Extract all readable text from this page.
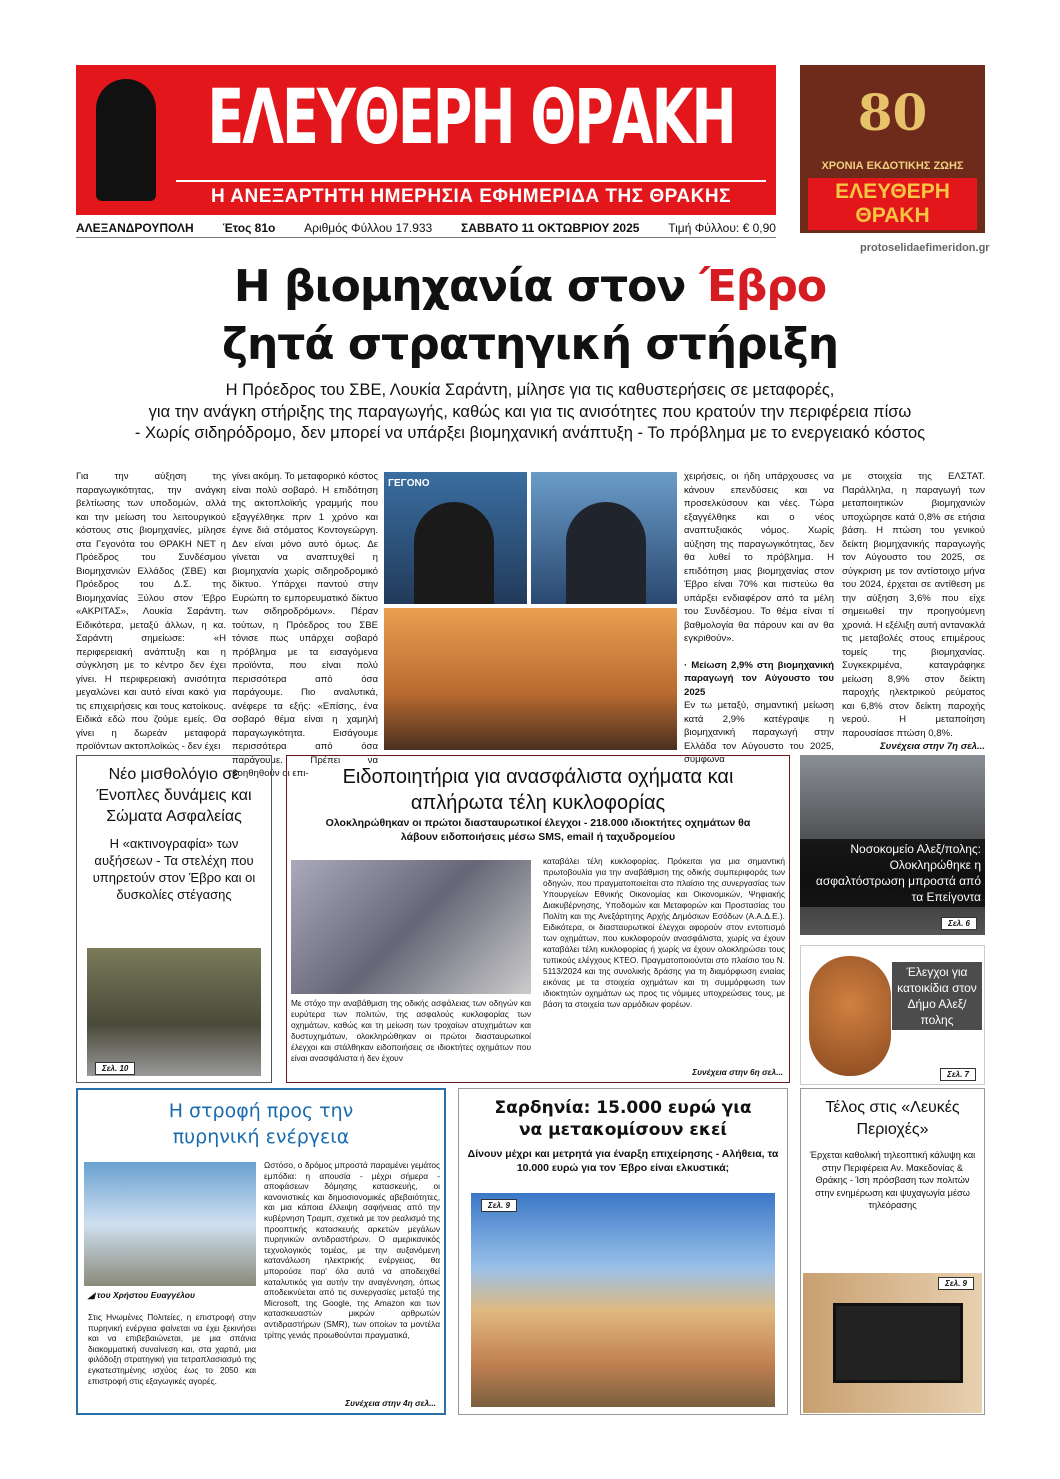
ΕΛΕΥΘΕΡΗ ΘΡΑΚΗ
Η ΑΝΕΞΑΡΤΗΤΗ ΗΜΕΡΗΣΙΑ ΕΦΗΜΕΡΙΔΑ ΤΗΣ ΘΡΑΚΗΣ
80
ΧΡΟΝΙΑ ΕΚΔΟΤΙΚΗΣ ΖΩΗΣ
ΕΛΕΥΘΕΡΗ ΘΡΑΚΗ
protoselidaefimeridon.gr
ΑΛΕΞΑΝΔΡΟΥΠΟΛΗ Έτος 81ο Αριθμός Φύλλου 17.933 ΣΑΒΒΑΤΟ 11 ΟΚΤΩΒΡΙΟΥ 2025 Τιμή Φύλλου: € 0,90
Η βιομηχανία στον Έβρο
ζητά στρατηγική στήριξη
Η Πρόεδρος του ΣΒΕ, Λουκία Σαράντη, μίλησε για τις καθυστερήσεις σε μεταφορές,
για την ανάγκη στήριξης της παραγωγής, καθώς και για τις ανισότητες που κρατούν την περιφέρεια πίσω
- Χωρίς σιδηρόδρομο, δεν μπορεί να υπάρξει βιομηχανική ανάπτυξη - Το πρόβλημα με το ενεργειακό κόστος
Για την αύξηση της παραγωγικότητας, την ανάγκη βελτίωσης των υποδομών, αλλά και την μείωση του λειτουργικού κόστους στις βιομηχανίες, μίλησε στα Γεγονότα του ΘΡΑΚΗ ΝΕΤ η Πρόεδρος του Συνδέσμου Βιομηχανιών Ελλάδος (ΣΒΕ) και Πρόεδρος του Δ.Σ. της Βιομηχανίας Ξύλου στον Έβρο «ΑΚΡΙΤΑΣ», Λουκία Σαράντη. Ειδικότερα, μεταξύ άλλων, η κα. Σαράντη σημείωσε: «Η περιφερειακή ανάπτυξη και η σύγκληση με το κέντρο δεν έχει γίνει. Η περιφερειακή ανισότητα μεγαλώνει και αυτό είναι κακό για τις επιχειρήσεις και τους κατοίκους. Ειδικά εδώ που ζούμε εμείς. Θα γίνει η δωρεάν μεταφορά προϊόντων ακτοπλοϊκώς - δεν έχει
γίνει ακόμη. Το μεταφορικό κόστος είναι πολύ σοβαρό. Η επιδότηση της ακτοπλοϊκής γραμμής που εξαγγέλθηκε πριν 1 χρόνο και έγινε διά στόματος Κοντογεώργη. Δεν είναι μόνο αυτό όμως. Δε γίνεται να αναπτυχθεί η βιομηχανία χωρίς σιδηροδρομικό δίκτυο. Υπάρχει παντού στην Ευρώπη το εμπορευματικό δίκτυο των σιδηροδρόμων». Πέραν τούτων, η Πρόεδρος του ΣΒΕ τόνισε πως υπάρχει σοβαρό πρόβλημα με τα εισαγόμενα προϊόντα, που είναι πολύ περισσότερα από όσα παράγουμε. Πιο αναλυτικά, ανέφερε τα εξής: «Επίσης, ένα σοβαρό θέμα είναι η χαμηλή παραγωγικότητα. Εισάγουμε περισσότερα από όσα παράγουμε. Πρέπει να βοηθηθούν οι επι-
ΓΕΓΟΝΟ
χειρήσεις, οι ήδη υπάρχουσες να κάνουν επενδύσεις και να προσελκύσουν και νέες. Τώρα εξαγγέλθηκε και ο νέος αναπτυξιακός νόμος. Χωρίς αύξηση της παραγωγικότητας, δεν θα λυθεί το πρόβλημα. Η επιδότηση μιας βιομηχανίας στον Έβρο είναι 70% και πιστεύω θα υπάρξει ενδιαφέρον από τα μέλη του Συνδέσμου. Το θέμα είναι τί βαθμολογία θα πάρουν και αν θα εγκριθούν».
· Μείωση 2,9% στη βιομηχανική παραγωγή τον Αύγουστο του 2025
Εν τω μεταξύ, σημαντική μείωση κατά 2,9% κατέγραψε η βιομηχανική παραγωγή στην Ελλάδα τον Αύγουστο του 2025, σύμφωνα
με στοιχεία της ΕΛΣΤΑΤ. Παράλληλα, η παραγωγή των μεταποιητικών βιομηχανιών υποχώρησε κατά 0,8% σε ετήσια βάση. Η πτώση του γενικού δείκτη βιομηχανικής παραγωγής τον Αύγουστο του 2025, σε σύγκριση με τον αντίστοιχο μήνα του 2024, έρχεται σε αντίθεση με την αύξηση 3,6% που είχε σημειωθεί την προηγούμενη χρονιά. Η εξέλιξη αυτή αντανακλά τις μεταβολές στους επιμέρους τομείς της βιομηχανίας. Συγκεκριμένα, καταγράφηκε μείωση 8,9% στον δείκτη παροχής ηλεκτρικού ρεύματος και 6,8% στον δείκτη παροχής νερού. Η μεταποίηση παρουσίασε πτώση 0,8%.
Συνέχεια στην 7η σελ...
Νέο μισθολόγιο σε Ένοπλες δυνάμεις και Σώματα Ασφαλείας
Η «ακτινογραφία» των αυξήσεων - Τα στελέχη που υπηρετούν στον Έβρο και οι δυσκολίες στέγασης
Σελ. 10
Ειδοποιητήρια για ανασφάλιστα οχήματα και απλήρωτα τέλη κυκλοφορίας
Ολοκληρώθηκαν οι πρώτοι διασταυρωτικοί έλεγχοι - 218.000 ιδιοκτήτες οχημάτων θα λάβουν ειδοποιήσεις μέσω SMS, email ή ταχυδρομείου
Με στόχο την αναβάθμιση της οδικής ασφάλειας των οδηγών και ευρύτερα των πολιτών, της ασφαλούς κυκλοφορίας των οχημάτων, καθώς και τη μείωση των τροχαίων ατυχημάτων και δυστυχημάτων, ολοκληρώθηκαν οι πρώτοι διασταυρωτικοί έλεγχοι και στάλθηκαν ειδοποιήσεις σε ιδιοκτήτες οχημάτων που είναι ανασφάλιστα ή δεν έχουν
καταβάλει τέλη κυκλοφορίας. Πρόκειται για μια σημαντική πρωτοβουλία για την αναβάθμιση της οδικής συμπεριφοράς των οδηγών, που πραγματοποιείται στο πλαίσιο της συνεργασίας των Υπουργείων Εθνικής Οικονομίας και Οικονομικών, Ψηφιακής Διακυβέρνησης, Υποδομών και Μεταφορών και Προστασίας του Πολίτη και της Ανεξάρτητης Αρχής Δημόσιων Εσόδων (Α.Α.Δ.Ε.). Ειδικότερα, οι διασταυρωτικοί έλεγχοι αφορούν στον εντοπισμό των οχημάτων, που κυκλοφορούν ανασφάλιστα, χωρίς να έχουν καταβάλει τέλη κυκλοφορίας ή χωρίς να έχουν ολοκληρώσει τους τυπικούς ελέγχους ΚΤΕΟ. Πραγματοποιούνται στο πλαίσιο του Ν. 5113/2024 και της συνολικής δράσης για τη διαμόρφωση ενιαίας εικόνας με τα στοιχεία οχημάτων και τη συμμόρφωση των ιδιοκτητών οχημάτων ως προς τις νόμιμες υποχρεώσεις τους, με βάση τα στοιχεία των αρμόδιων φορέων.
Συνέχεια στην 6η σελ...
Νοσοκομείο Αλεξ/πολης: Ολοκληρώθηκε η ασφαλτόστρωση μπροστά από τα Επείγοντα
Σελ. 6
Έλεγχοι για κατοικίδια στον Δήμο Αλεξ/πολης
Σελ. 7
Η στροφή προς την πυρηνική ενέργεια
◢ του Χρήστου Ευαγγέλου
Στις Ηνωμένες Πολιτείες, η επιστροφή στην πυρηνική ενέργεια φαίνεται να έχει ξεκινήσει και να επιβεβαιώνεται, με μια σπάνια διακομματική συναίνεση και, στα χαρτιά, μια φιλόδοξη στρατηγική για τετραπλασιασμό της εγκατεστημένης ισχύος έως το 2050 και επιστροφή στις εξαγωγικές αγορές.
Ωστόσο, ο δρόμος μπροστά παραμένει γεμάτος εμπόδια: η απουσία - μέχρι σήμερα - αποφάσεων δόμησης κατασκευής, οι κανονιστικές και δημοσιονομικές αβεβαιότητες, και μια κάποια έλλειψη σαφήνειας από την κυβέρνηση Τραμπ, σχετικά με τον ρεαλισμό της προοπτικής κατασκευής αρκετών μεγάλων πυρηνικών αντιδραστήρων. Ο αμερικανικός τεχνολογικός τομέας, με την αυξανόμενη κατανάλωση ηλεκτρικής ενέργειας, θα μπορούσε παρ' όλα αυτά να αποδειχθεί καταλυτικός για αυτήν την αναγέννηση, όπως αποδεικνύεται από τις συνεργασίες μεταξύ της Microsoft, της Google, της Amazon και των κατασκευαστών μικρών αρθρωτών αντιδραστήρων (SMR), των οποίων τα μοντέλα τρίτης γενιάς προωθούνται πραγματικά,
Συνέχεια στην 4η σελ...
Σαρδηνία: 15.000 ευρώ για να μετακομίσουν εκεί
Δίνουν μέχρι και μετρητά για έναρξη επιχείρησης - Αλήθεια, τα 10.000 ευρώ για τον Έβρο είναι ελκυστικά;
Σελ. 9
Τέλος στις «Λευκές Περιοχές»
Έρχεται καθολική τηλεοπτική κάλυψη και στην Περιφέρεια Αν. Μακεδονίας & Θράκης - Ίση πρόσβαση των πολιτών στην ενημέρωση και ψυχαγωγία μέσω τηλεόρασης
Σελ. 9
